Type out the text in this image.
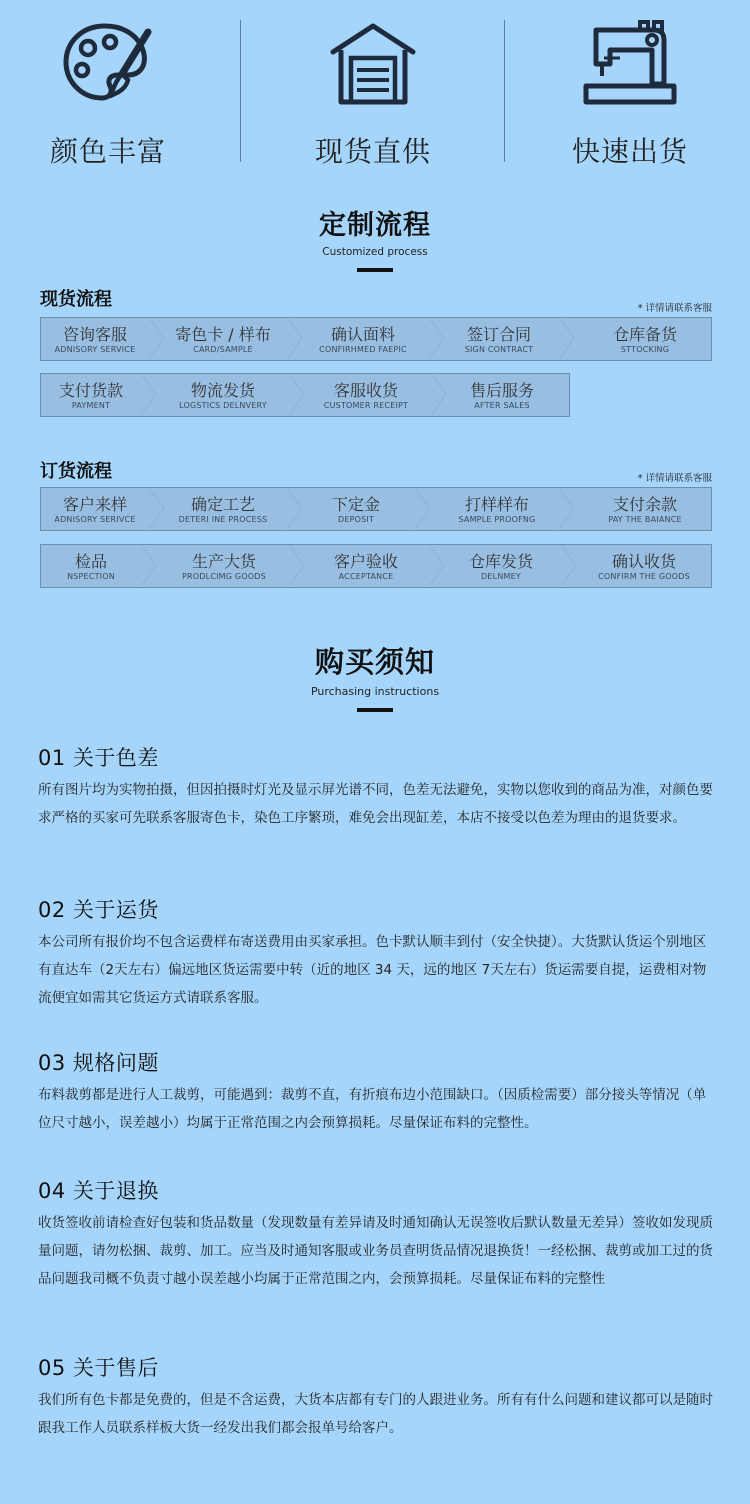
颜色丰富	现货直供	快速出货
定制流程
Customized process
现货流程	* 详情请联系客服
咨询客服
ADNISORY SERVICE
寄色卡 / 样布
CARD/SAMPLE
确认面料
CONFIRHMED FAEPIC
签订合同
SIGN CONTRACT
仓库备货
STTOCKING
支付货款
PAYMENT
物流发货
LOGSTICS DELNVERY
客服收货
CUSTOMER RECEIPT
售后服务
AFTER SALES
订货流程	* 详情请联系客服
客户来样
ADNISORY SERIVCE
确定工艺
DETERI INE PROCESS
下定金
DEPOSIT
打样样布
SAMPLE PROOFNG
支付余款
PAY THE BAIANCE
检品
NSPECTION
生产大货
PRODLCIMG GOODS
客户验收
ACCEPTANCE
仓库发货
DELNMEY
确认收货
CONFIRM THE GOODS
购买须知
Purchasing instructions
01 关于色差
所有图片均为实物拍摄，但因拍摄时灯光及显示屏光谱不同，色差无法避免，实物以您收到的商品为准，对颜色要求严格的买家可先联系客服寄色卡，染色工序繁琐，难免会出现缸差，本店不接受以色差为理由的退货要求。
02 关于运货
本公司所有报价均不包含运费样布寄送费用由买家承担。色卡默认顺丰到付（安全快捷）。大货默认货运个别地区有直达车（2天左右）偏远地区货运需要中转（近的地区 34 天，远的地区 7天左右）货运需要自提，运费相对物流便宜如需其它货运方式请联系客服。
03 规格问题
布料裁剪都是进行人工裁剪，可能遇到：裁剪不直，有折痕布边小范围缺口。（因质检需要）部分接头等情况（单位尺寸越小，误差越小）均属于正常范围之内会预算损耗。尽量保证布料的完整性。
04 关于退换
收货签收前请检查好包装和货品数量（发现数量有差异请及时通知确认无误签收后默认数量无差异）签收如发现质量问题，请勿松捆、裁剪、加工。应当及时通知客服或业务员查明货品情况退换货！一经松捆、裁剪或加工过的货品问题我司概不负责寸越小误差越小均属于正常范围之内，会预算损耗。尽量保证布料的完整性
05 关于售后
我们所有色卡都是免费的，但是不含运费，大货本店都有专门的人跟进业务。所有有什么问题和建议都可以是随时跟我工作人员联系样板大货一经发出我们都会报单号给客户。
